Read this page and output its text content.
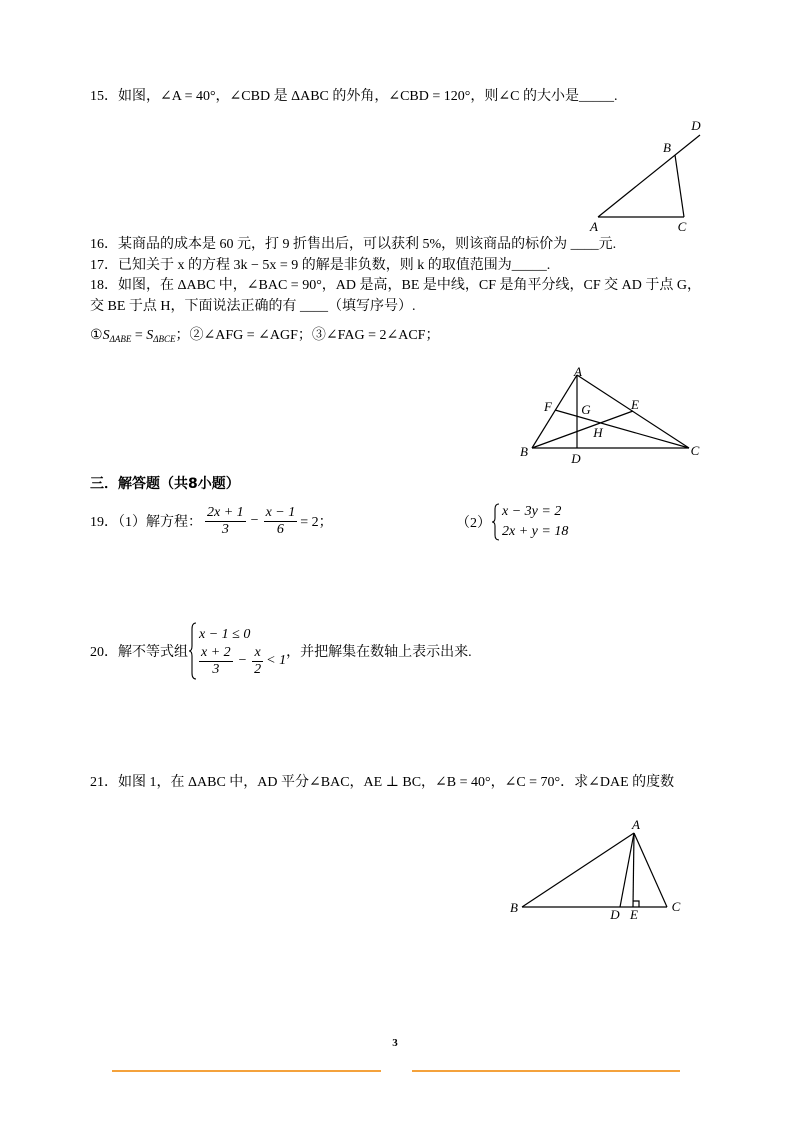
15．如图，∠A = 40°，∠CBD 是 ΔABC 的外角，∠CBD = 120°，则∠C 的大小是_____.
D
B
A	C
16．某商品的成本是 60 元，打 9 折售出后，可以获利 5%，则该商品的标价为 ____元.
17．已知关于 x 的方程 3k − 5x = 9 的解是非负数，则 k 的取值范围为_____.
18．如图，在 ΔABC 中，∠BAC = 90°，AD 是高，BE 是中线，CF 是角平分线，CF 交 AD 于点 G，
交 BE 于点 H，下面说法正确的有 ____（填写序号）.
$①S_{\Delta ABE} = S_{\Delta BCE}$；②∠AFG = ∠AGF；③∠FAG = 2∠ACF；
A
F G	E
H
B	D
C
三．解答题（共8小题）
19．（1）解方程： $\frac{2x + 1}{3} - \frac{x - 1}{6} = 2$；	（2）
x − 3y = 2
2x + y = 18
20．解不等式组
x − 1 ≤ 0
$\frac{x + 2}{3} - \frac{x}{2} < 1$
，并把解集在数轴上表示出来.
21．如图 1，在 ΔABC 中，AD 平分∠BAC，AE ⊥ BC，∠B = 40°，∠C = 70°．求∠DAE 的度数
A
B	D E
C
3
